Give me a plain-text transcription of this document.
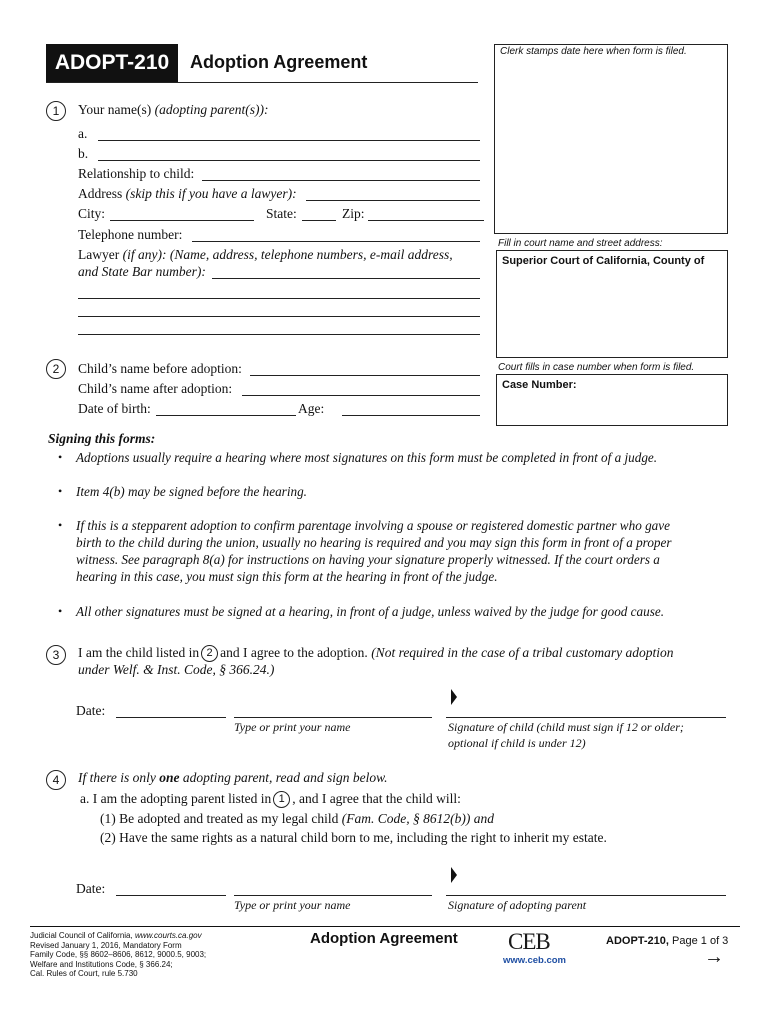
ADOPT-210	Adoption Agreement
Clerk stamps date here when form is filed.
Fill in court name and street address:
Superior Court of California, County of
Court fills in case number when form is filed.
Case Number:
1	Your name(s) (adopting parent(s)):
a.
b.
Relationship to child:
Address (skip this if you have a lawyer):
City:	State:	Zip:
Telephone number:
Lawyer (if any): (Name, address, telephone numbers, e-mail address,
and State Bar number):
2	Child’s name before adoption:
Child’s name after adoption:
Date of birth:	Age:
Signing this forms:
• Adoptions usually require a hearing where most signatures on this form must be completed in front of a judge.
• Item 4(b) may be signed before the hearing.
• If this is a stepparent adoption to confirm parentage involving a spouse or registered domestic partner who gave
birth to the child during the union, usually no hearing is required and you may sign this form in front of a proper
witness. See paragraph 8(a) for instructions on having your signature properly witnessed. If the court orders a
hearing in this case, you must sign this form at the hearing in front of the judge.
• All other signatures must be signed at a hearing, in front of a judge, unless waived by the judge for good cause.
3	I am the child listed in 2 and I agree to the adoption. (Not required in the case of a tribal customary adoption
under Welf. & Inst. Code, § 366.24.)
Date:
Type or print your name	Signature of child (child must sign if 12 or older;
optional if child is under 12)
4	If there is only one adopting parent, read and sign below.
a. I am the adopting parent listed in 1 , and I agree that the child will:
(1) Be adopted and treated as my legal child (Fam. Code, § 8612(b)) and
(2) Have the same rights as a natural child born to me, including the right to inherit my estate.
Date:
Type or print your name	Signature of adopting parent
Judicial Council of California, www.courts.ca.gov
Revised January 1, 2016, Mandatory Form
Family Code, §§ 8602–8606, 8612, 9000.5, 9003;
Welfare and Institutions Code, § 366.24;
Cal. Rules of Court, rule 5.730
Adoption Agreement CEB
www.ceb.com
ADOPT-210, Page 1 of 3
→
